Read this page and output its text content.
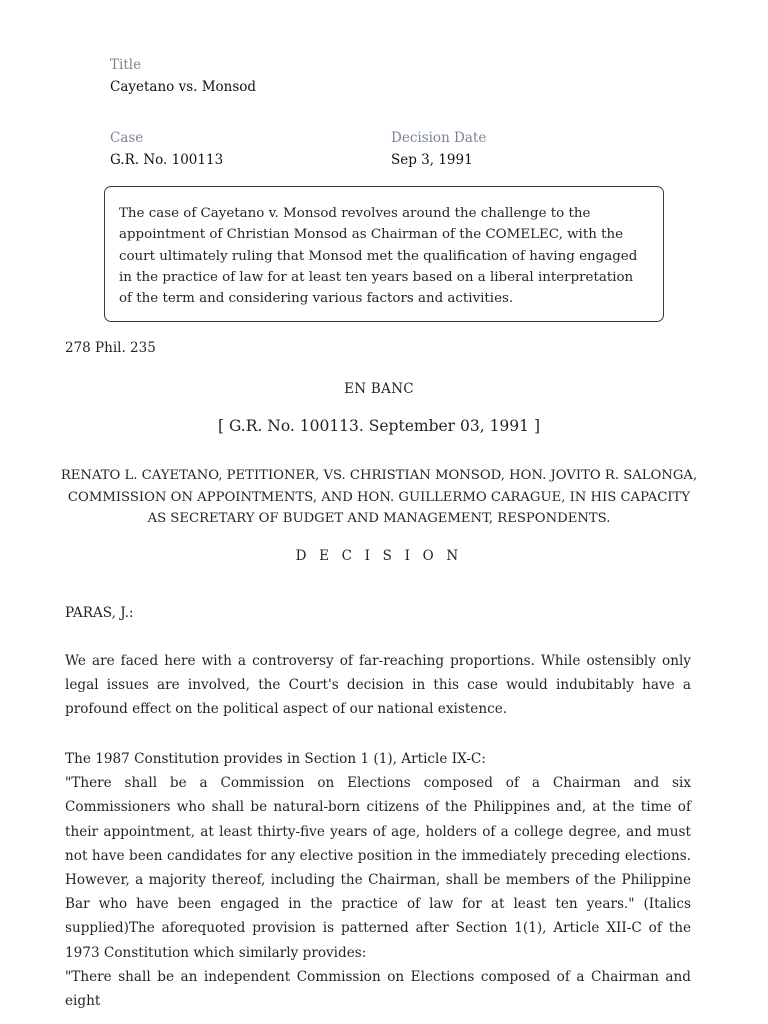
Title
Cayetano vs. Monsod
Case
G.R. No. 100113
Decision Date
Sep 3, 1991
The case of Cayetano v. Monsod revolves around the challenge to the appointment of Christian Monsod as Chairman of the COMELEC, with the court ultimately ruling that Monsod met the qualification of having engaged in the practice of law for at least ten years based on a liberal interpretation of the term and considering various factors and activities.
278 Phil. 235
EN BANC
[ G.R. No. 100113. September 03, 1991 ]
RENATO L. CAYETANO, PETITIONER, VS. CHRISTIAN MONSOD, HON. JOVITO R. SALONGA, COMMISSION ON APPOINTMENTS, AND HON. GUILLERMO CARAGUE, IN HIS CAPACITY AS SECRETARY OF BUDGET AND MANAGEMENT, RESPONDENTS.
D E C I S I O N
PARAS, J.:
We are faced here with a controversy of far-reaching proportions. While ostensibly only legal issues are involved, the Court's decision in this case would indubitably have a profound effect on the political aspect of our national existence.

The 1987 Constitution provides in Section 1 (1), Article IX-C:

"There shall be a Commission on Elections composed of a Chairman and six Commissioners who shall be natural-born citizens of the Philippines and, at the time of their appointment, at least thirty-five years of age, holders of a college degree, and must not have been candidates for any elective position in the immediately preceding elections. However, a majority thereof, including the Chairman, shall be members of the Philippine Bar who have been engaged in the practice of law for at least ten years." (Italics supplied)The aforequoted provision is patterned after Section 1(1), Article XII-C of the 1973 Constitution which similarly provides:

"There shall be an independent Commission on Elections composed of a Chairman and eight
